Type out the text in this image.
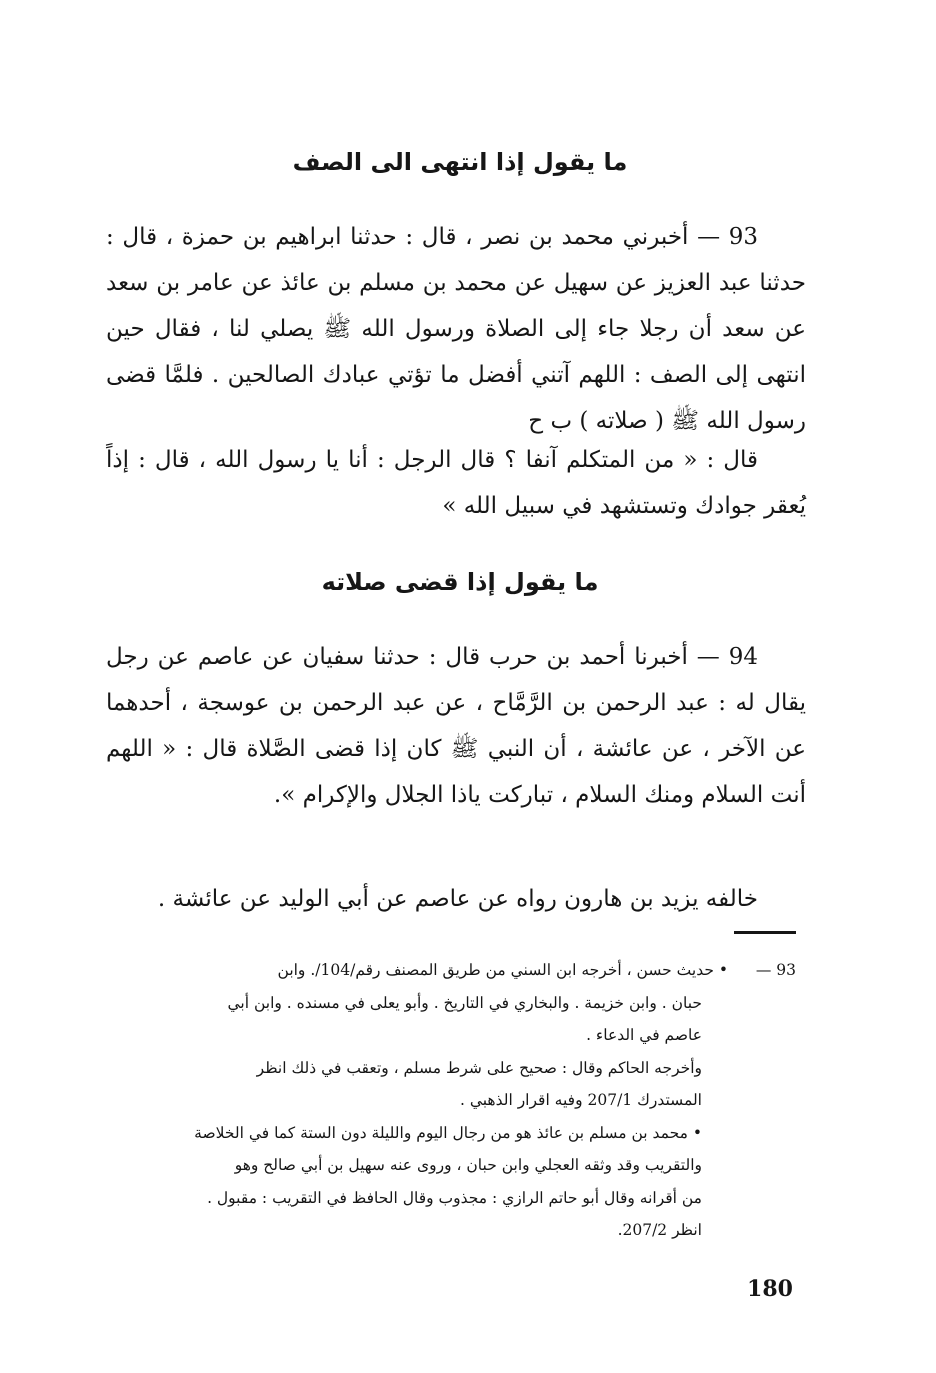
ما يقول إذا انتهى الى الصف

93 — أخبرني محمد بن نصر ، قال : حدثنا ابراهيم بن حمزة ، قال : حدثنا عبد العزيز عن سهيل عن محمد بن مسلم بن عائذ عن عامر بن سعد عن سعد أن رجلا جاء إلى الصلاة ورسول الله ﷺ يصلي لنا ، فقال حين انتهى إلى الصف : اللهم آتني أفضل ما تؤتي عبادك الصالحين . فلمَّا قضى رسول الله ﷺ ( صلاته ) ب ح

قال : « من المتكلم آنفا ؟ قال الرجل : أنا يا رسول الله ، قال : إذاً يُعقر جوادك وتستشهد في سبيل الله »

ما يقول إذا قضى صلاته

94 — أخبرنا أحمد بن حرب قال : حدثنا سفيان عن عاصم عن رجل يقال له : عبد الرحمن بن الرَّمَّاح ، عن عبد الرحمن بن عوسجة ، أحدهما عن الآخر ، عن عائشة ، أن النبي ﷺ كان إذا قضى الصَّلاة قال : « اللهم أنت السلام ومنك السلام ، تباركت ياذا الجلال والإكرام ».

خالفه يزيد بن هارون رواه عن عاصم عن أبي الوليد عن عائشة .

93 —• حديث حسن ، أخرجه ابن السني من طريق المصنف رقم/104/. وابن
حبان . وابن خزيمة . والبخاري في التاريخ . وأبو يعلى في مسنده . وابن أبي
عاصم في الدعاء .
وأخرجه الحاكم وقال : صحيح على شرط مسلم ، وتعقب في ذلك انظر
المستدرك 207/1 وفيه اقرار الذهبي .
• محمد بن مسلم بن عائذ هو من رجال اليوم والليلة دون الستة كما في الخلاصة
والتقريب وقد وثقه العجلي وابن حبان ، وروى عنه سهيل بن أبي صالح وهو
من أقرانه وقال أبو حاتم الرازي : مجذوب وقال الحافظ في التقريب : مقبول .
انظر 207/2.

180
